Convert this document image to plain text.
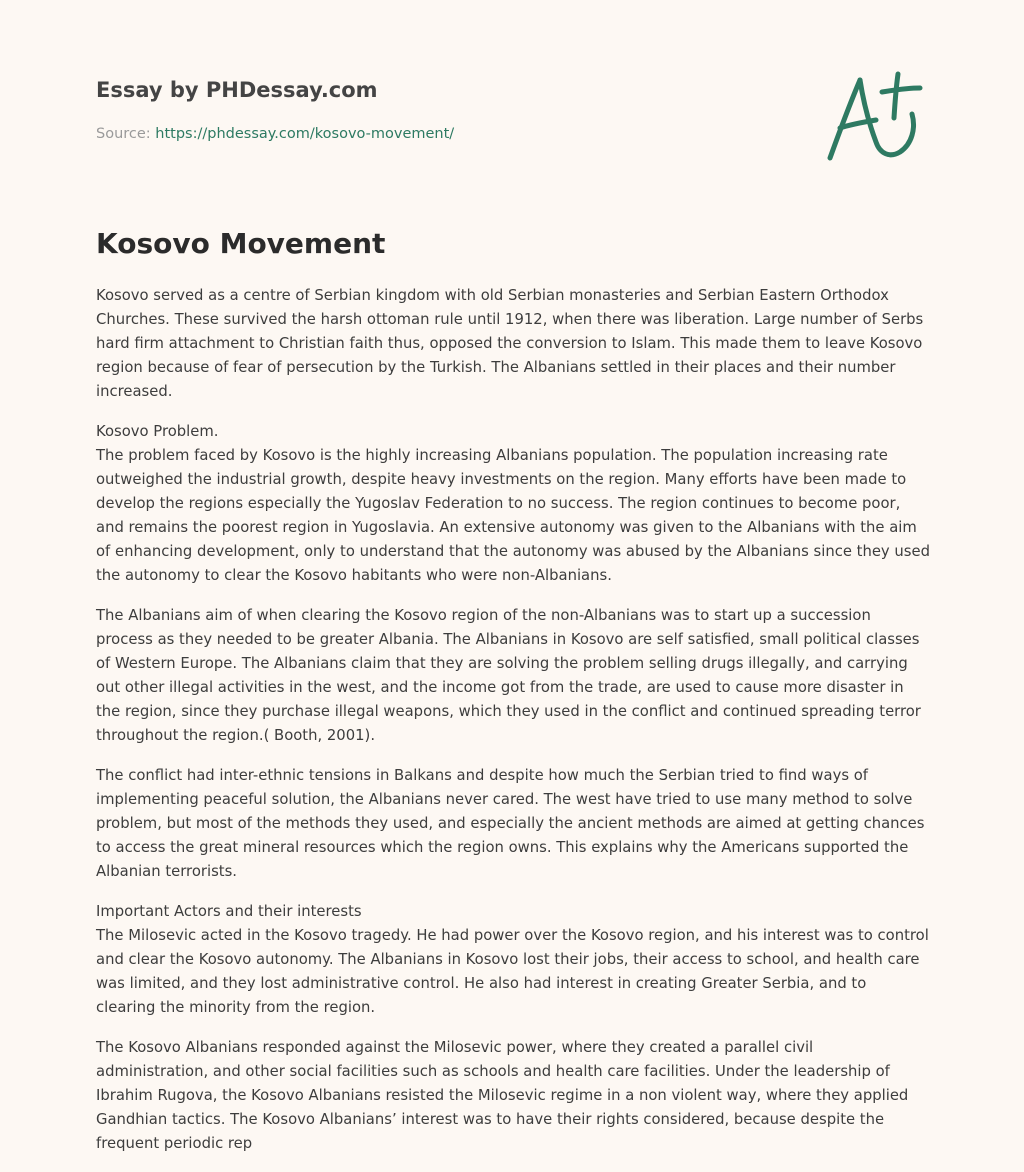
Essay by PHDessay.com
Source: https://phdessay.com/kosovo-movement/
Kosovo Movement

Kosovo served as a centre of Serbian kingdom with old Serbian monasteries and Serbian Eastern Orthodox Churches. These survived the harsh ottoman rule until 1912, when there was liberation. Large number of Serbs hard firm attachment to Christian faith thus, opposed the conversion to Islam. This made them to leave Kosovo region because of fear of persecution by the Turkish. The Albanians settled in their places and their number increased.

Kosovo Problem.
The problem faced by Kosovo is the highly increasing Albanians population. The population increasing rate outweighed the industrial growth, despite heavy investments on the region. Many efforts have been made to develop the regions especially the Yugoslav Federation to no success. The region continues to become poor, and remains the poorest region in Yugoslavia. An extensive autonomy was given to the Albanians with the aim of enhancing development, only to understand that the autonomy was abused by the Albanians since they used the autonomy to clear the Kosovo habitants who were non-Albanians.

The Albanians aim of when clearing the Kosovo region of the non-Albanians was to start up a succession process as they needed to be greater Albania. The Albanians in Kosovo are self satisfied, small political classes of Western Europe. The Albanians claim that they are solving the problem selling drugs illegally, and carrying out other illegal activities in the west, and the income got from the trade, are used to cause more disaster in the region, since they purchase illegal weapons, which they used in the conflict and continued spreading terror throughout the region.( Booth, 2001).

The conflict had inter-ethnic tensions in Balkans and despite how much the Serbian tried to find ways of implementing peaceful solution, the Albanians never cared. The west have tried to use many method to solve problem, but most of the methods they used, and especially the ancient methods are aimed at getting chances to access the great mineral resources which the region owns. This explains why the Americans supported the Albanian terrorists.

Important Actors and their interests
The Milosevic acted in the Kosovo tragedy. He had power over the Kosovo region, and his interest was to control and clear the Kosovo autonomy. The Albanians in Kosovo lost their jobs, their access to school, and health care was limited, and they lost administrative control. He also had interest in creating Greater Serbia, and to clearing the minority from the region.

The Kosovo Albanians responded against the Milosevic power, where they created a parallel civil administration, and other social facilities such as schools and health care facilities. Under the leadership of Ibrahim Rugova, the Kosovo Albanians resisted the Milosevic regime in a non violent way, where they applied Gandhian tactics. The Kosovo Albanians’ interest was to have their rights considered, because despite the frequent periodic rep
